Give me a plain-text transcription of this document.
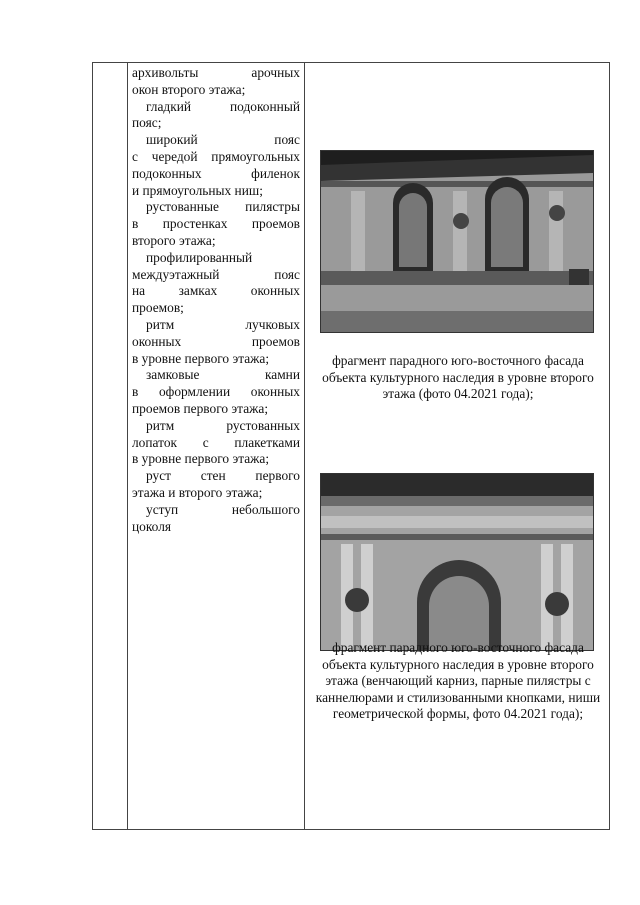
архивольты арочных
окон второго этажа;
гладкий подоконный
пояс;
широкий пояс
с чередой прямоугольных
подоконных филенок
и прямоугольных ниш;
рустованные пилястры
в простенках проемов
второго этажа;
профилированный
междуэтажный пояс
на замках оконных
проемов;
ритм лучковых
оконных проемов
в уровне первого этажа;
замковые камни
в оформлении оконных
проемов первого этажа;
ритм рустованных
лопаток с плакетками
в уровне первого этажа;
руст стен первого
этажа и второго этажа;
уступ небольшого
цоколя
фрагмент парадного юго-восточного фасада объекта культурного наследия в уровне второго этажа (фото 04.2021 года);
фрагмент парадного юго-восточного фасада объекта культурного наследия в уровне второго этажа (венчающий карниз, парные пилястры с каннелюрами и стилизованными кнопками, ниши геометрической формы, фото 04.2021 года);
